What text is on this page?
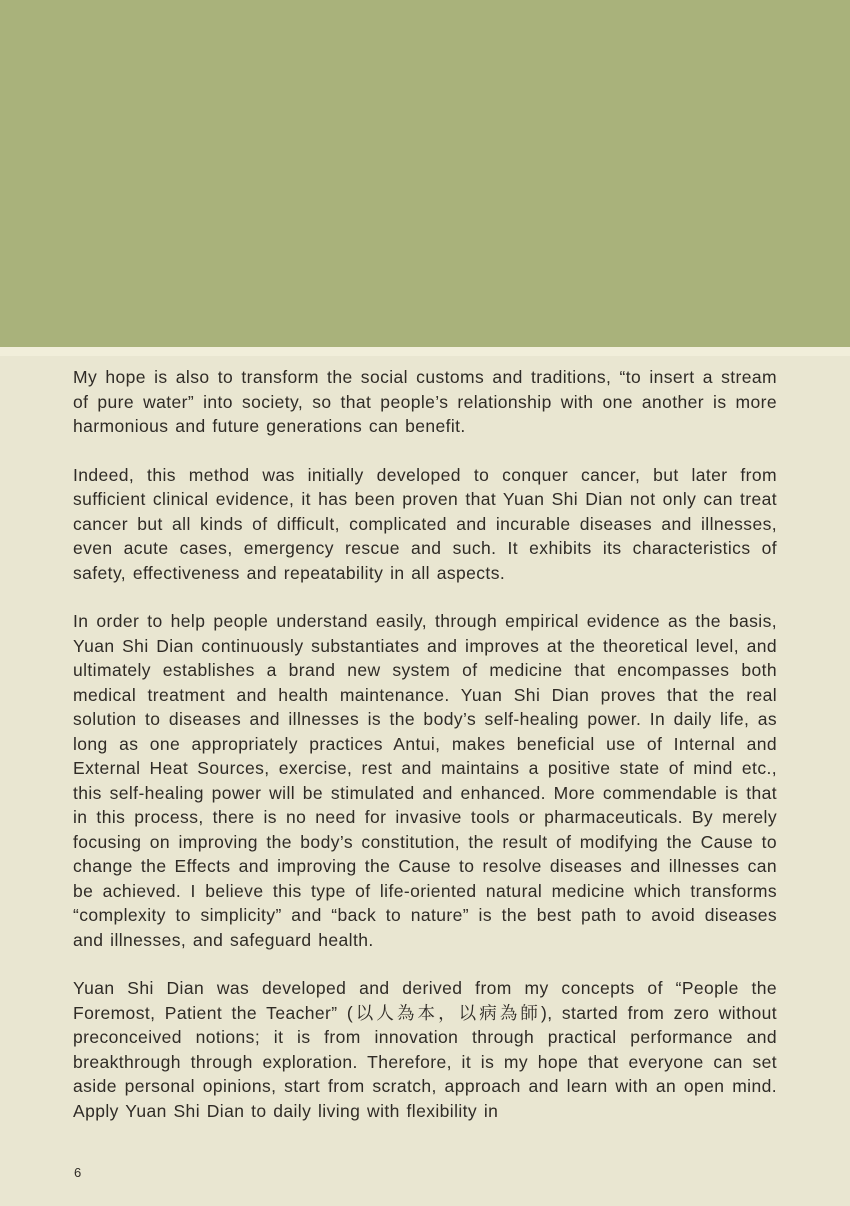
My hope is also to transform the social customs and traditions, “to insert a stream of pure water” into society, so that people’s relationship with one another is more harmonious and future generations can benefit.

Indeed, this method was initially developed to conquer cancer, but later from sufficient clinical evidence, it has been proven that Yuan Shi Dian not only can treat cancer but all kinds of difficult, complicated and incurable diseases and illnesses, even acute cases, emergency rescue and such. It exhibits its characteristics of safety, effectiveness and repeatability in all aspects.

In order to help people understand easily, through empirical evidence as the basis, Yuan Shi Dian continuously substantiates and improves at the theoretical level, and ultimately establishes a brand new system of medicine that encompasses both medical treatment and health maintenance. Yuan Shi Dian proves that the real solution to diseases and illnesses is the body’s self-healing power. In daily life, as long as one appropriately practices Antui, makes beneficial use of Internal and External Heat Sources, exercise, rest and maintains a positive state of mind etc., this self-healing power will be stimulated and enhanced. More commendable is that in this process, there is no need for invasive tools or pharmaceuticals. By merely focusing on improving the body’s constitution, the result of modifying the Cause to change the Effects and improving the Cause to resolve diseases and illnesses can be achieved. I believe this type of life-oriented natural medicine which transforms “complexity to simplicity” and “back to nature” is the best path to avoid diseases and illnesses, and safeguard health.

Yuan Shi Dian was developed and derived from my concepts of “People the Foremost, Patient the Teacher” (以人為本，以病為師), started from zero without preconceived notions; it is from innovation through practical performance and breakthrough through exploration. Therefore, it is my hope that everyone can set aside personal opinions, start from scratch, approach and learn with an open mind. Apply Yuan Shi Dian to daily living with flexibility in

6
